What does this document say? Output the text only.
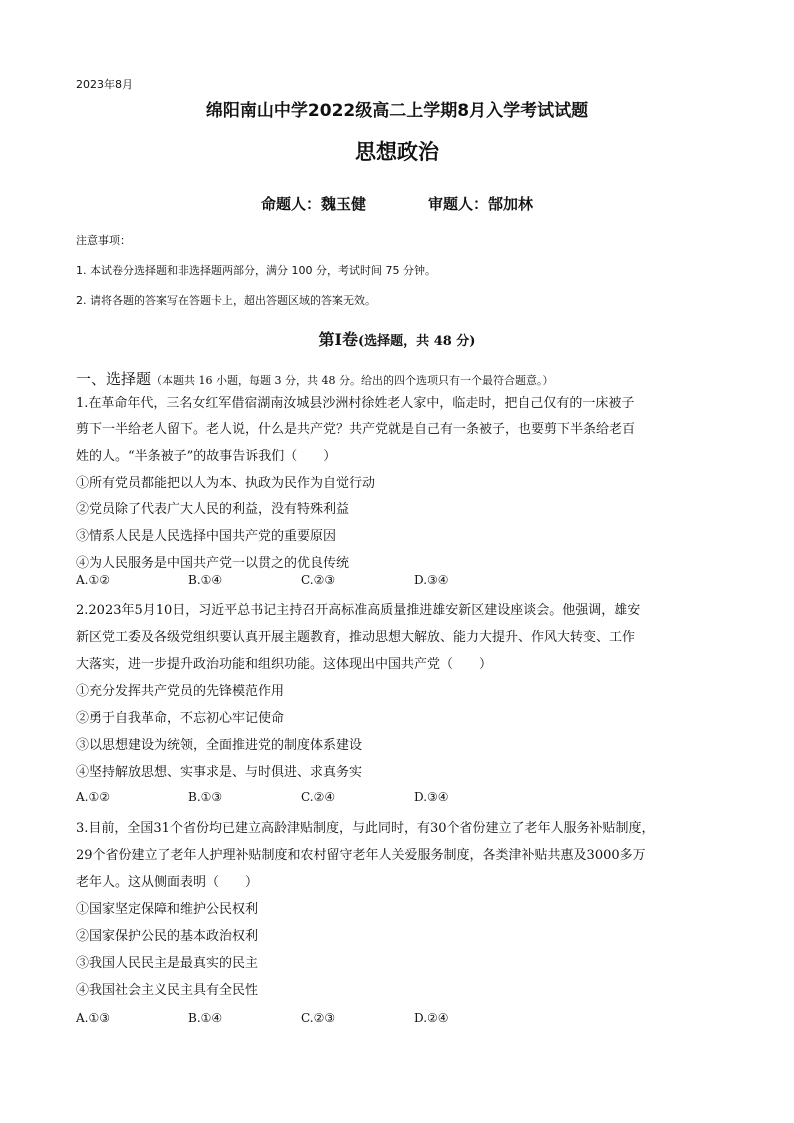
2023年8月
绵阳南山中学2022级高二上学期8月入学考试试题
思想政治
命题人：魏玉健	审题人：郜加林
注意事项：
1. 本试卷分选择题和非选择题两部分，满分 100 分，考试时间 75 分钟。
2. 请将各题的答案写在答题卡上，超出答题区域的答案无效。
第Ⅰ卷(选择题，共 48 分)
一、选择题（本题共 16 小题，每题 3 分，共 48 分。给出的四个选项只有一个最符合题意。）
1.在革命年代，三名女红军借宿湖南汝城县沙洲村徐姓老人家中，临走时，把自己仅有的一床被子
剪下一半给老人留下。老人说，什么是共产党？共产党就是自己有一条被子，也要剪下半条给老百
姓的人。“半条被子”的故事告诉我们（　　）
①所有党员都能把以人为本、执政为民作为自觉行动
②党员除了代表广大人民的利益，没有特殊利益
③情系人民是人民选择中国共产党的重要原因
④为人民服务是中国共产党一以贯之的优良传统
A.①②	B.①④	C.②③	D.③④
2.2023年5月10日，习近平总书记主持召开高标准高质量推进雄安新区建设座谈会。他强调，雄安
新区党工委及各级党组织要认真开展主题教育，推动思想大解放、能力大提升、作风大转变、工作
大落实，进一步提升政治功能和组织功能。这体现出中国共产党（　　）
①充分发挥共产党员的先锋模范作用
②勇于自我革命，不忘初心牢记使命
③以思想建设为统领，全面推进党的制度体系建设
④坚持解放思想、实事求是、与时俱进、求真务实
A.①②	B.①③	C.②④	D.③④
3.目前，全国31个省份均已建立高龄津贴制度，与此同时，有30个省份建立了老年人服务补贴制度，
29个省份建立了老年人护理补贴制度和农村留守老年人关爱服务制度，各类津补贴共惠及3000多万
老年人。这从侧面表明（　　）
①国家坚定保障和维护公民权利
②国家保护公民的基本政治权利
③我国人民民主是最真实的民主
④我国社会主义民主具有全民性
A.①③	B.①④	C.②③	D.②④
